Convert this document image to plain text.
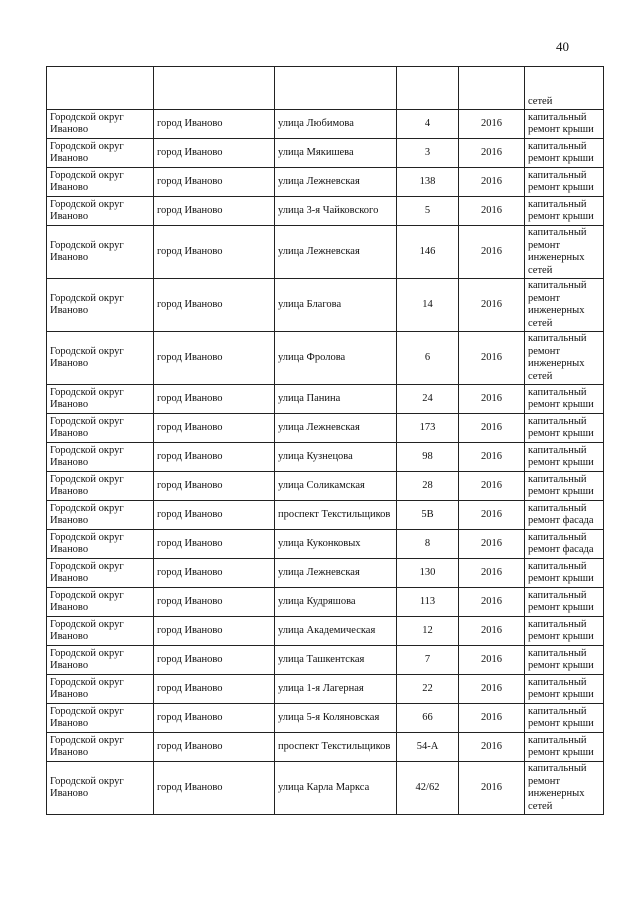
40
					сетей
Городской округ Иваново	город Иваново	улица Любимова	4	2016	капитальный ремонт крыши
Городской округ Иваново	город Иваново	улица Мякишева	3	2016	капитальный ремонт крыши
Городской округ Иваново	город Иваново	улица Лежневская	138	2016	капитальный ремонт крыши
Городской округ Иваново	город Иваново	улица 3-я Чайковского	5	2016	капитальный ремонт крыши
Городской округ Иваново	город Иваново	улица Лежневская	146	2016	капитальный ремонт инженерных сетей
Городской округ Иваново	город Иваново	улица Благова	14	2016	капитальный ремонт инженерных сетей
Городской округ Иваново	город Иваново	улица Фролова	6	2016	капитальный ремонт инженерных сетей
Городской округ Иваново	город Иваново	улица Панина	24	2016	капитальный ремонт крыши
Городской округ Иваново	город Иваново	улица Лежневская	173	2016	капитальный ремонт крыши
Городской округ Иваново	город Иваново	улица Кузнецова	98	2016	капитальный ремонт крыши
Городской округ Иваново	город Иваново	улица Соликамская	28	2016	капитальный ремонт крыши
Городской округ Иваново	город Иваново	проспект Текстильщиков	5В	2016	капитальный ремонт фасада
Городской округ Иваново	город Иваново	улица Куконковых	8	2016	капитальный ремонт фасада
Городской округ Иваново	город Иваново	улица Лежневская	130	2016	капитальный ремонт крыши
Городской округ Иваново	город Иваново	улица Кудряшова	113	2016	капитальный ремонт крыши
Городской округ Иваново	город Иваново	улица Академическая	12	2016	капитальный ремонт крыши
Городской округ Иваново	город Иваново	улица Ташкентская	7	2016	капитальный ремонт крыши
Городской округ Иваново	город Иваново	улица 1-я Лагерная	22	2016	капитальный ремонт крыши
Городской округ Иваново	город Иваново	улица 5-я Коляновская	66	2016	капитальный ремонт крыши
Городской округ Иваново	город Иваново	проспект Текстильщиков	54-А	2016	капитальный ремонт крыши
Городской округ Иваново	город Иваново	улица Карла Маркса	42/62	2016	капитальный ремонт инженерных сетей
